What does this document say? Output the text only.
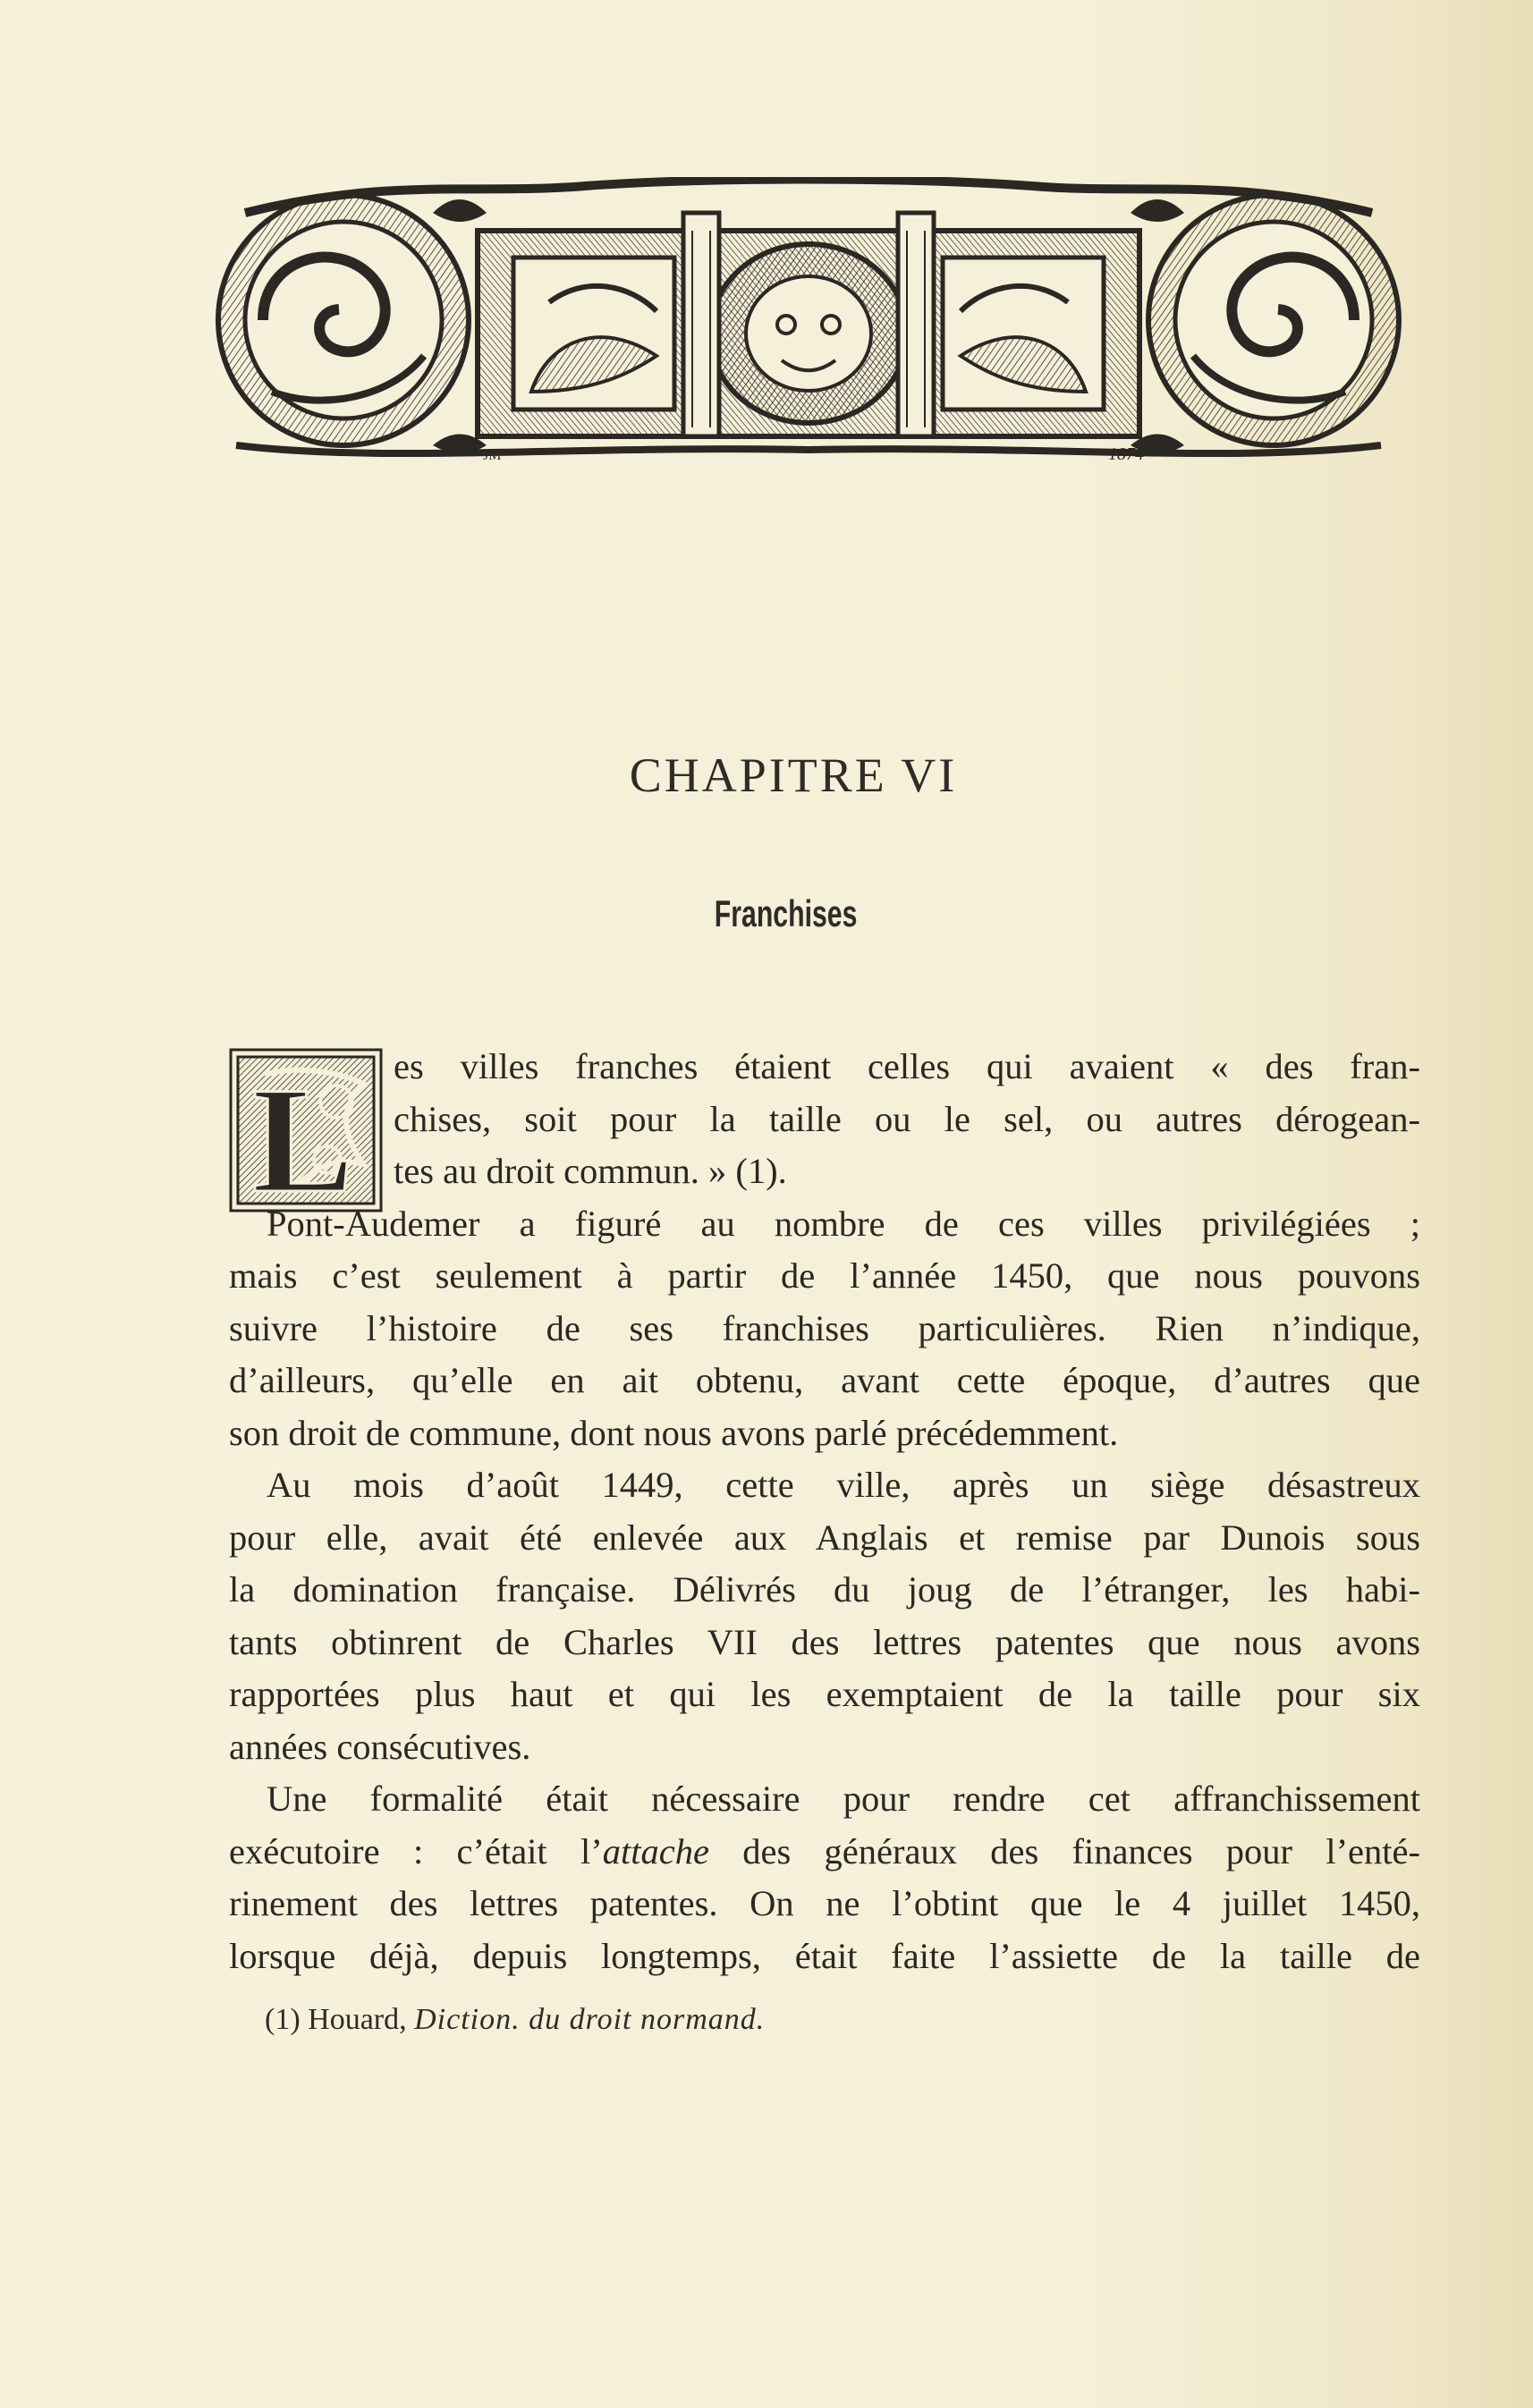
1874
JM
CHAPITRE VI
Franchises
L	es villes franches étaient celles qui avaient « des fran-
chises, soit pour la taille ou le sel, ou autres dérogean-
tes au droit commun. » (1).
Pont-Audemer a figuré au nombre de ces villes privilégiées ;
mais c’est seulement à partir de l’année 1450, que nous pouvons
suivre l’histoire de ses franchises particulières. Rien n’indique,
d’ailleurs, qu’elle en ait obtenu, avant cette époque, d’autres que
son droit de commune, dont nous avons parlé précédemment.
Au mois d’août 1449, cette ville, après un siège désastreux
pour elle, avait été enlevée aux Anglais et remise par Dunois sous
la domination française. Délivrés du joug de l’étranger, les habi-
tants obtinrent de Charles VII des lettres patentes que nous avons
rapportées plus haut et qui les exemptaient de la taille pour six
années consécutives.
Une formalité était nécessaire pour rendre cet affranchissement
exécutoire : c’était l’attache des généraux des finances pour l’enté-
rinement des lettres patentes. On ne l’obtint que le 4 juillet 1450,
lorsque déjà, depuis longtemps, était faite l’assiette de la taille de
(1) Houard, Diction. du droit normand.
